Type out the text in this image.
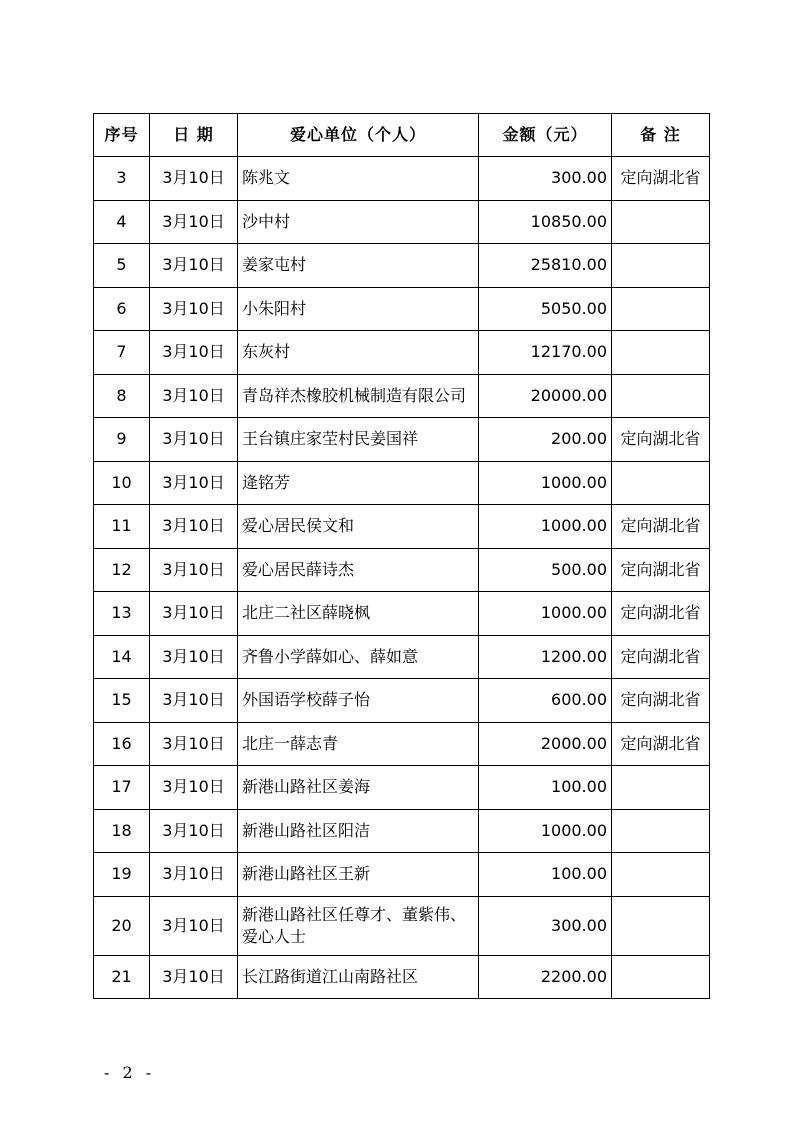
序号	日 期	爱心单位（个人）	金额（元）	备 注
3	3月10日	陈兆文	300.00	定向湖北省
4	3月10日	沙中村	10850.00	
5	3月10日	姜家屯村	25810.00	
6	3月10日	小朱阳村	5050.00	
7	3月10日	东灰村	12170.00	
8	3月10日	青岛祥杰橡胶机械制造有限公司	20000.00	
9	3月10日	王台镇庄家茔村民姜国祥	200.00	定向湖北省
10	3月10日	逄铭芳	1000.00	
11	3月10日	爱心居民侯文和	1000.00	定向湖北省
12	3月10日	爱心居民薛诗杰	500.00	定向湖北省
13	3月10日	北庄二社区薛晓枫	1000.00	定向湖北省
14	3月10日	齐鲁小学薛如心、薛如意	1200.00	定向湖北省
15	3月10日	外国语学校薛子怡	600.00	定向湖北省
16	3月10日	北庄一薛志青	2000.00	定向湖北省
17	3月10日	新港山路社区姜海	100.00	
18	3月10日	新港山路社区阳洁	1000.00	
19	3月10日	新港山路社区王新	100.00	
20	3月10日	新港山路社区任尊才、董紫伟、爱心人士	300.00	
21	3月10日	长江路街道江山南路社区	2200.00	
- 2 -
